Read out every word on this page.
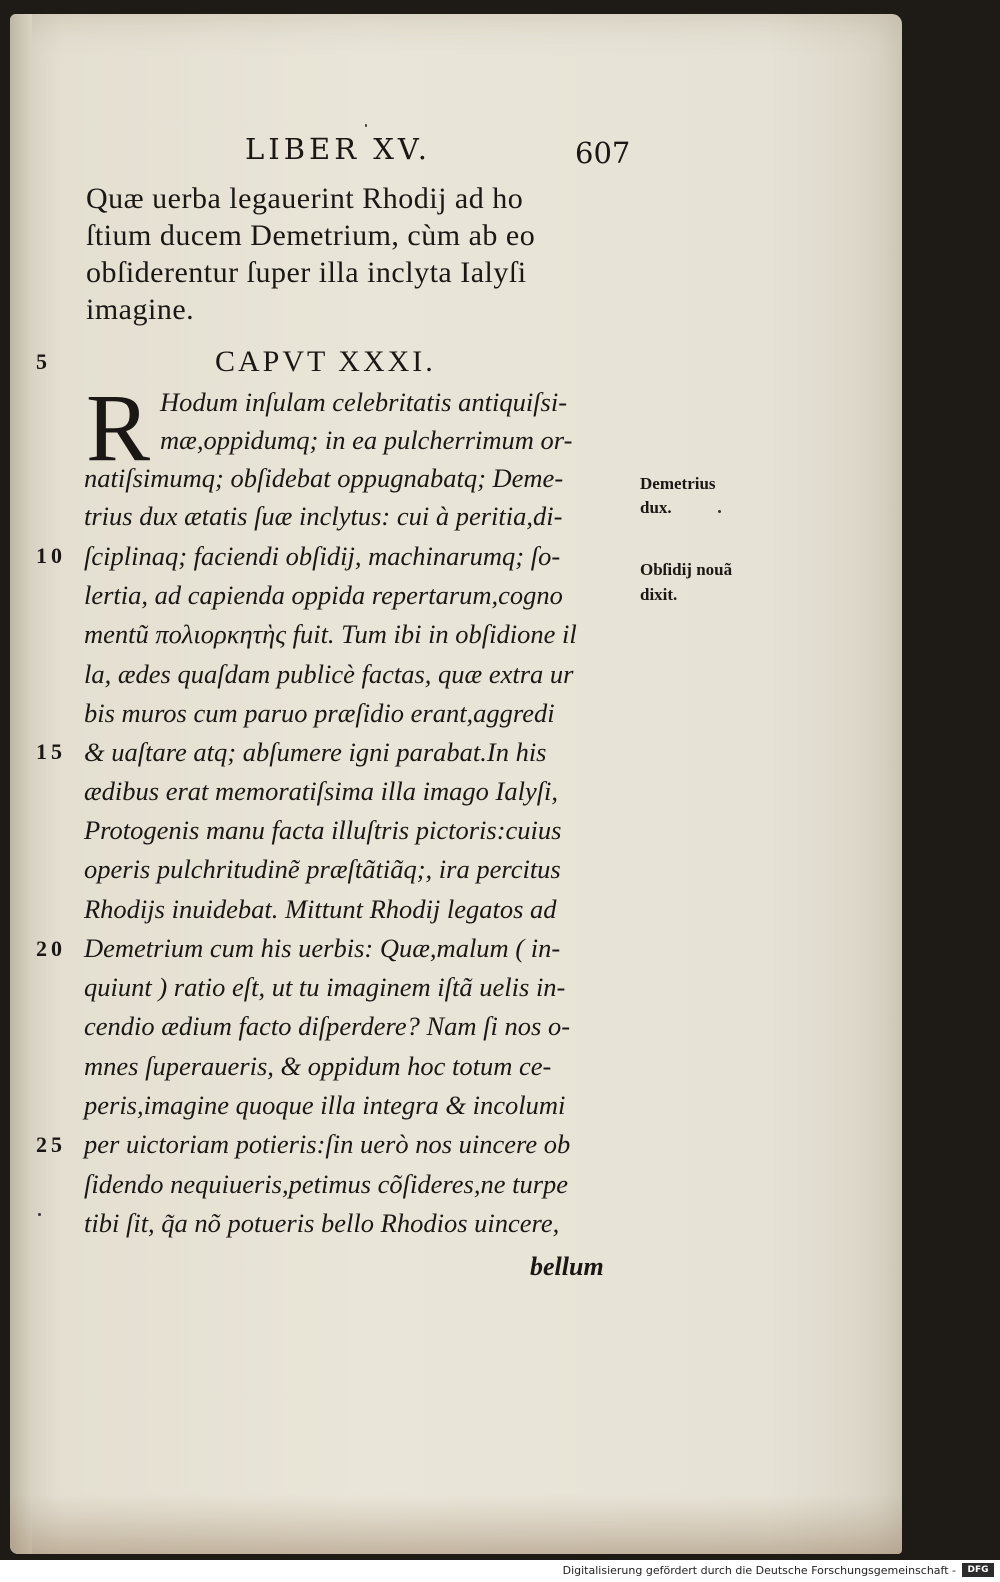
LIBER XV.	607
Quæ uerba legauerint Rhodij ad ho
ſtium ducem Demetrium, cùm ab eo
obſiderentur ſuper illa inclyta Ialyſi
imagine.
5	CAPVT XXXI.
R Hodum inſulam celebritatis antiquiſsi-
mæ,oppidumq; in ea pulcherrimum or-
natiſsimumq; obſidebat oppugnabatq; Deme-
trius dux ætatis ſuæ inclytus: cui à peritia,di-
ſciplinaq; faciendi obſidij, machinarumq; ſo-
lertia, ad capienda oppida repertarum,cogno
mentũ πολιορκητὴς fuit. Tum ibi in obſidione il
la, ædes quaſdam publicè factas, quæ extra ur
bis muros cum paruo præſidio erant,aggredi
& uaſtare atq; abſumere igni parabat.In his
ædibus erat memoratiſsima illa imago Ialyſi,
Protogenis manu facta illuſtris pictoris:cuius
operis pulchritudinẽ præſtãtiãq;, ira percitus
Rhodijs inuidebat. Mittunt Rhodij legatos ad
Demetrium cum his uerbis: Quæ,malum ( in-
quiunt ) ratio eſt, ut tu imaginem iſtã uelis in-
cendio ædium facto diſperdere? Nam ſi nos o-
mnes ſuperaueris, & oppidum hoc totum ce-
peris,imagine quoque illa integra & incolumi
per uictoriam potieris:ſin uerò nos uincere ob
ſidendo nequiueris,petimus cõſideres,ne turpe
tibi ſit, q̃a nõ potueris bello Rhodios uincere,
bellum
10
15
20
25
Demetrius
dux.
Obſidij nouã
dixit.
Digitalisierung gefördert durch die Deutsche Forschungsgemeinschaft -	DFG
